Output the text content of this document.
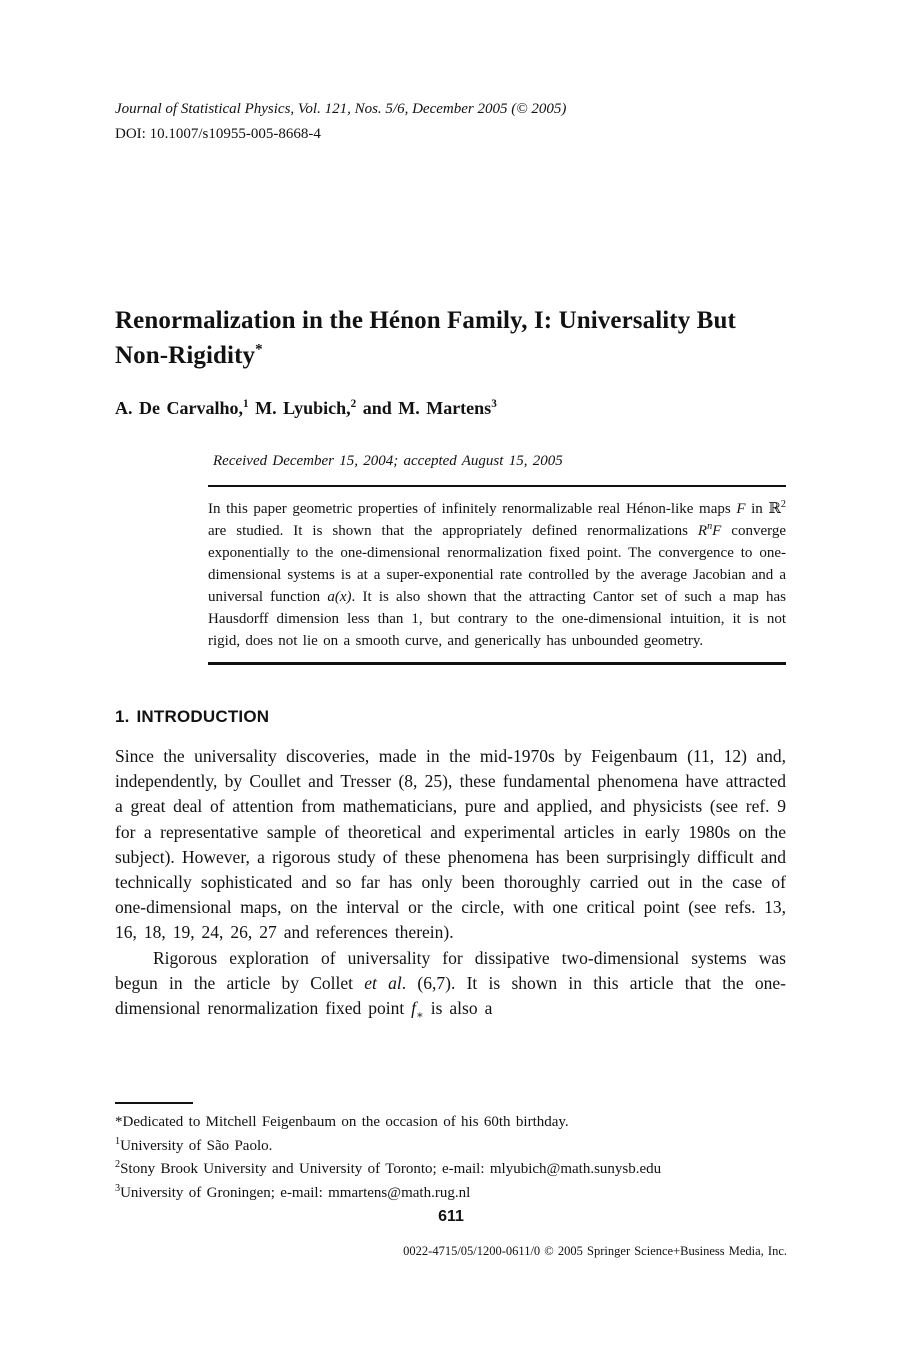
Journal of Statistical Physics, Vol. 121, Nos. 5/6, December 2005 (© 2005)
DOI: 10.1007/s10955-005-8668-4
Renormalization in the Hénon Family, I: Universality But Non-Rigidity*
A. De Carvalho,$^1$ M. Lyubich,$^2$ and M. Martens$^3$
Received December 15, 2004; accepted August 15, 2005
In this paper geometric properties of infinitely renormalizable real Hénon-like maps F in ℝ$^2$ are studied. It is shown that the appropriately defined renormalizations $R^nF$ converge exponentially to the one-dimensional renormalization fixed point. The convergence to one-dimensional systems is at a super-exponential rate controlled by the average Jacobian and a universal function a(x). It is also shown that the attracting Cantor set of such a map has Hausdorff dimension less than 1, but contrary to the one-dimensional intuition, it is not rigid, does not lie on a smooth curve, and generically has unbounded geometry.
1. INTRODUCTION

Since the universality discoveries, made in the mid-1970s by Feigenbaum (11, 12) and, independently, by Coullet and Tresser (8, 25), these fundamental phenomena have attracted a great deal of attention from mathematicians, pure and applied, and physicists (see ref. 9 for a representative sample of theoretical and experimental articles in early 1980s on the subject). However, a rigorous study of these phenomena has been surprisingly difficult and technically sophisticated and so far has only been thoroughly carried out in the case of one-dimensional maps, on the interval or the circle, with one critical point (see refs. 13, 16, 18, 19, 24, 26, 27 and references therein).

Rigorous exploration of universality for dissipative two-dimensional systems was begun in the article by Collet et al. (6,7). It is shown in this article that the one-dimensional renormalization fixed point $f_∗$ is also a

*Dedicated to Mitchell Feigenbaum on the occasion of his 60th birthday.

$^1$University of São Paolo.

$^2$Stony Brook University and University of Toronto; e-mail: mlyubich@math.sunysb.edu

$^3$University of Groningen; e-mail: mmartens@math.rug.nl

611
0022-4715/05/1200-0611/0 © 2005 Springer Science+Business Media, Inc.
